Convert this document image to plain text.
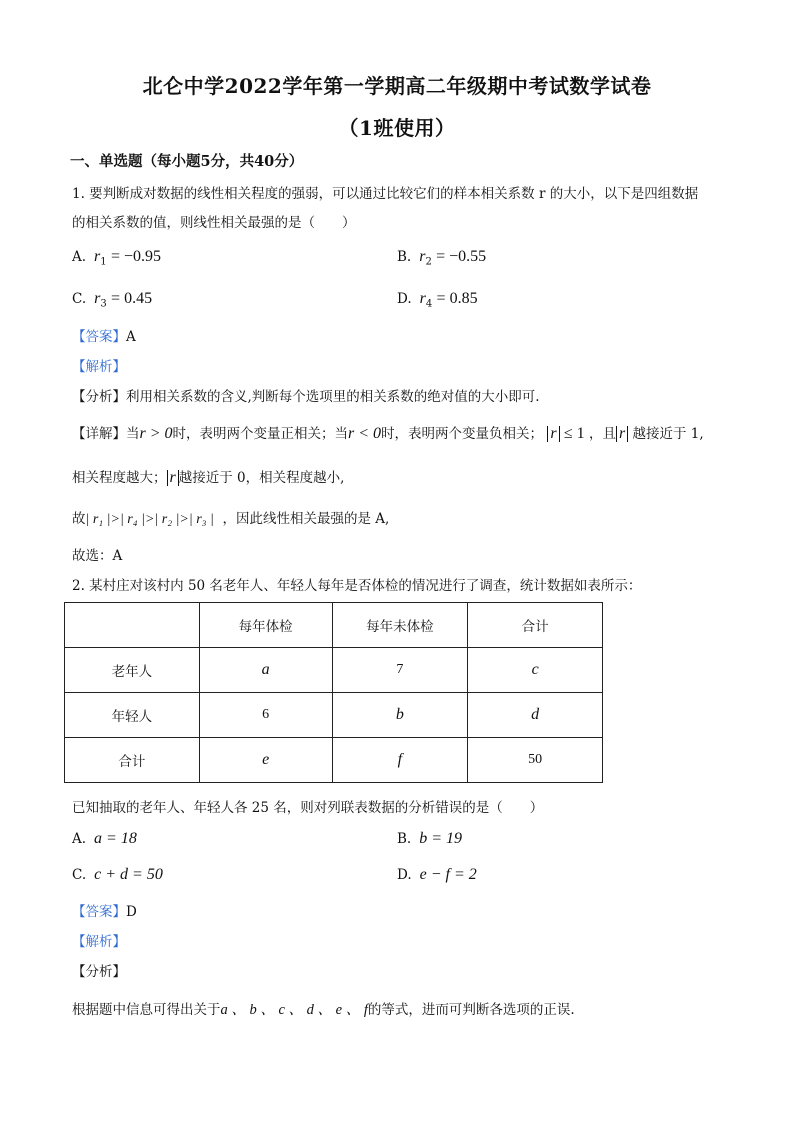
北仑中学2022学年第一学期高二年级期中考试数学试卷
（1班使用）
一、单选题（每小题5分，共40分）
1. 要判断成对数据的线性相关程度的强弱，可以通过比较它们的样本相关系数 r 的大小，以下是四组数据
的相关系数的值，则线性相关最强的是（　　）
A. $r_1 = -0.95$	B. $r_2 = -0.55$
C. $r_3 = 0.45$	D. $r_4 = 0.85$
【答案】A
【解析】
【分析】利用相关系数的含义,判断每个选项里的相关系数的绝对值的大小即可.
【详解】当r > 0时，表明两个变量正相关；当r < 0时，表明两个变量负相关； r ≤ 1 ，且 r 越接近于 1,
相关程度越大； r 越接近于 0，相关程度越小,
故| r₁ |>| r₄ |>| r₂ |>| r₃ | ，因此线性相关最强的是 A,
故选：A
2. 某村庄对该村内 50 名老年人、年轻人每年是否体检的情况进行了调查，统计数据如表所示：
	每年体检	每年未体检	合计
老年人	a	7	c
年轻人	6	b	d
合计	e	f	50
已知抽取的老年人、年轻人各 25 名，则对列联表数据的分析错误的是（　　）
A. a = 18	B. b = 19
C. c + d = 50	D. e − f = 2
【答案】D
【解析】
【分析】
根据题中信息可得出关于a 、 b 、 c 、 d 、 e 、 f的等式，进而可判断各选项的正误.
